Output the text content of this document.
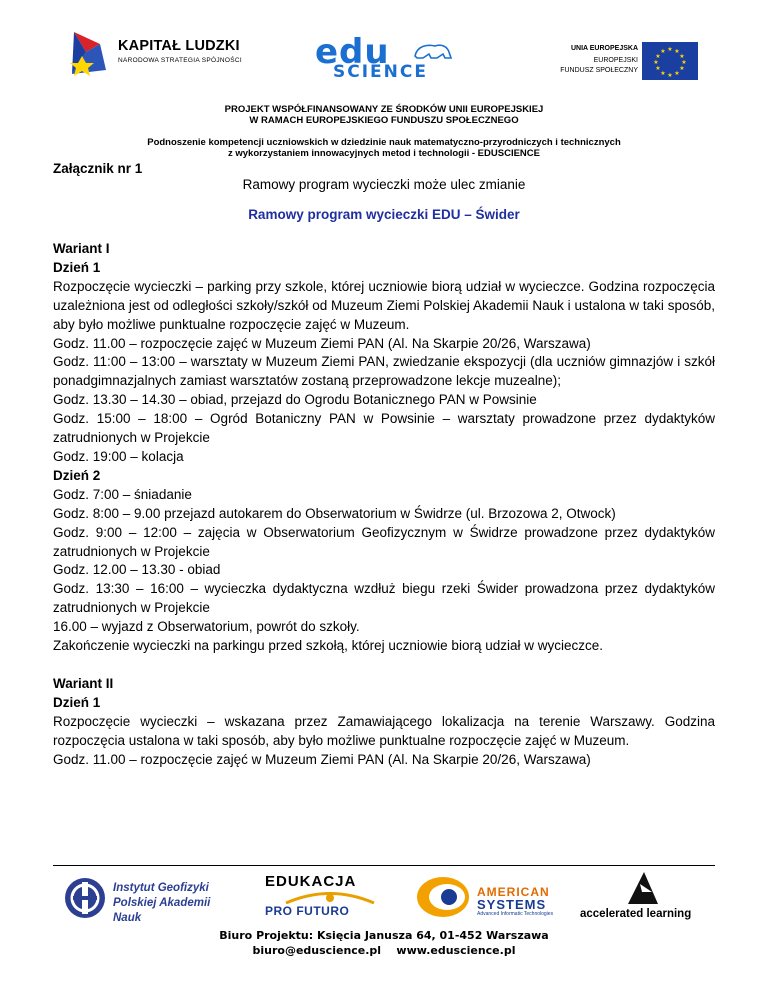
KAPITAŁ LUDZKI
NARODOWA STRATEGIA SPÓJNOŚCI edu
SCIENCE
UNIA EUROPEJSKA
EUROPEJSKI
FUNDUSZ SPOŁECZNY
★ ★
★
★
★
★
★
★
★
★
★
★
PROJEKT WSPÓŁFINANSOWANY ZE ŚRODKÓW UNII EUROPEJSKIEJ
W RAMACH EUROPEJSKIEGO FUNDUSZU SPOŁECZNEGO
Podnoszenie kompetencji uczniowskich w dziedzinie nauk matematyczno-przyrodniczych i technicznych
z wykorzystaniem innowacyjnych metod i technologii - EDUSCIENCE
Załącznik nr 1
Ramowy program wycieczki może ulec zmianie
Ramowy program wycieczki EDU – Świder

Wariant I

Dzień 1

Rozpoczęcie wycieczki – parking przy szkole, której uczniowie biorą udział w wycieczce. Godzina rozpoczęcia uzależniona jest od odległości szkoły/szkół od Muzeum Ziemi Polskiej Akademii Nauk i ustalona w taki sposób, aby było możliwe punktualne rozpoczęcie zajęć w Muzeum.

Godz. 11.00 – rozpoczęcie zajęć w Muzeum Ziemi PAN (Al. Na Skarpie 20/26, Warszawa)

Godz. 11:00 – 13:00 – warsztaty w Muzeum Ziemi PAN, zwiedzanie ekspozycji (dla uczniów gimnazjów i szkół ponadgimnazjalnych zamiast warsztatów zostaną przeprowadzone lekcje muzealne);

Godz. 13.30 – 14.30 – obiad, przejazd do Ogrodu Botanicznego PAN w Powsinie

Godz. 15:00 – 18:00 – Ogród Botaniczny PAN w Powsinie – warsztaty prowadzone przez dydaktyków zatrudnionych w Projekcie

Godz. 19:00 – kolacja

Dzień 2

Godz. 7:00 – śniadanie

Godz. 8:00 – 9.00 przejazd autokarem do Obserwatorium w Świdrze (ul. Brzozowa 2, Otwock)

Godz. 9:00 – 12:00 – zajęcia w Obserwatorium Geofizycznym w Świdrze prowadzone przez dydaktyków zatrudnionych w Projekcie

Godz. 12.00 – 13.30 - obiad

Godz. 13:30 – 16:00 – wycieczka dydaktyczna wzdłuż biegu rzeki Świder prowadzona przez dydaktyków zatrudnionych w Projekcie

16.00 – wyjazd z Obserwatorium, powrót do szkoły.

Zakończenie wycieczki na parkingu przed szkołą, której uczniowie biorą udział w wycieczce.

Wariant II

Dzień 1

Rozpoczęcie wycieczki – wskazana przez Zamawiającego lokalizacja na terenie Warszawy. Godzina rozpoczęcia ustalona w taki sposób, aby było możliwe punktualne rozpoczęcie zajęć w Muzeum.

Godz. 11.00 – rozpoczęcie zajęć w Muzeum Ziemi PAN (Al. Na Skarpie 20/26, Warszawa)

Instytut Geofizyki
Polskiej Akademii Nauk
EDUKACJA
PRO FUTURO
AMERICAN
SYSTEMS
Advanced Informatic Technologies accelerated learning
Biuro Projektu: Księcia Janusza 64, 01-452 Warszawa
biuro@eduscience.pl www.eduscience.pl
